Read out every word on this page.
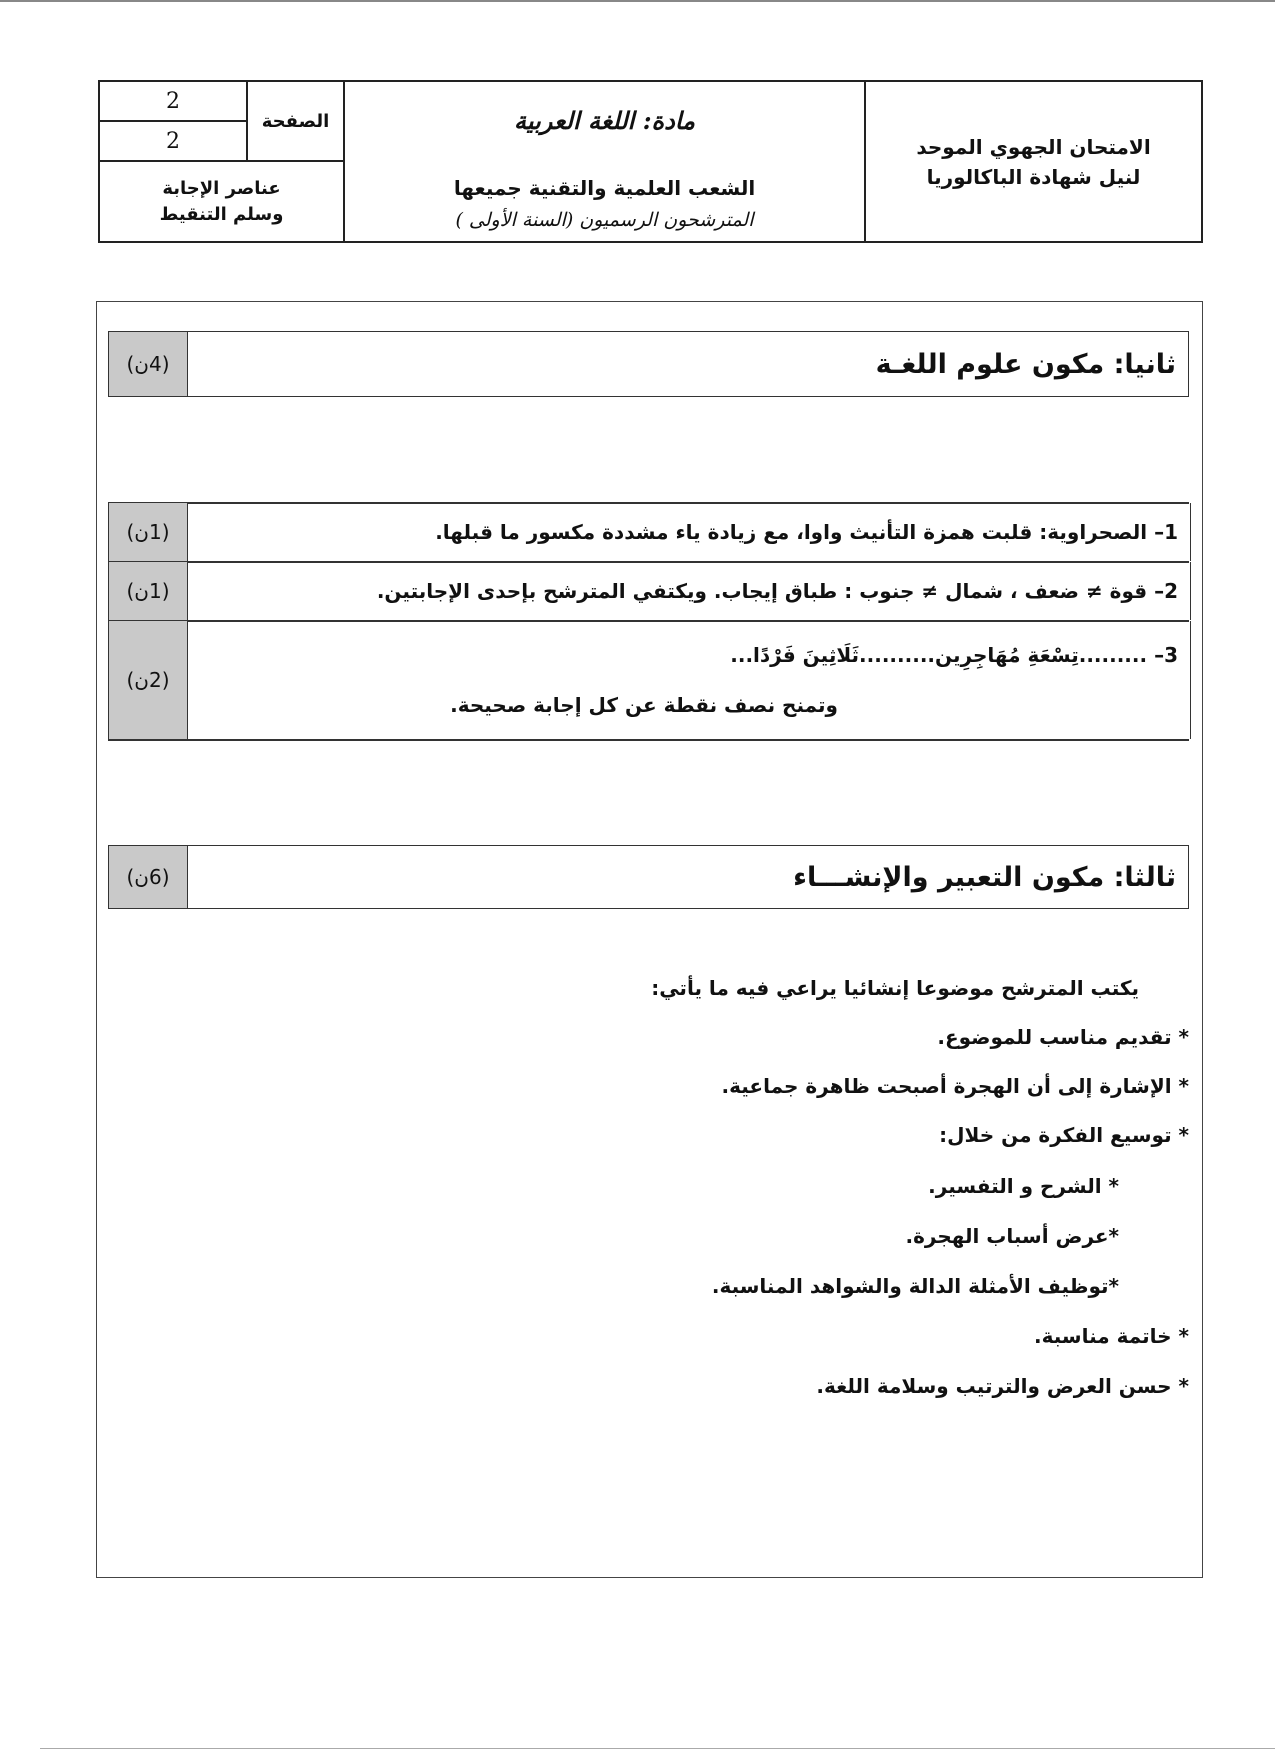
الامتحان الجهوي الموحد
لنيل شهادة الباكالوريا
مادة: اللغة العربية
الشعب العلمية والتقنية جميعها
المترشحون الرسميون (السنة الأولى )
الصفحة
2
2
عناصر الإجابة
وسلم التنقيط
ثانيا: مكون علوم اللغـة
(4ن)
1– الصحراوية: قلبت همزة التأنيث واوا، مع زيادة ياء مشددة مكسور ما قبلها.
(1ن)
2– قوة ≠ ضعف ، شمال ≠ جنوب : طباق إيجاب. ويكتفي المترشح بإحدى الإجابتين.
(1ن)
3– .........تِسْعَةِ مُهَاجِرِين..........ثَلَاثِينَ فَرْدًا...
وتمنح نصف نقطة عن كل إجابة صحيحة.
(2ن)
ثالثا: مكون التعبير والإنشـــاء
(6ن)
يكتب المترشح موضوعا إنشائيا يراعي فيه ما يأتي:
* تقديم مناسب للموضوع.
* الإشارة إلى أن الهجرة أصبحت ظاهرة جماعية.
* توسيع الفكرة من خلال:
* الشرح و التفسير.
*عرض أسباب الهجرة.
*توظيف الأمثلة الدالة والشواهد المناسبة.
* خاتمة مناسبة.
* حسن العرض والترتيب وسلامة اللغة.
